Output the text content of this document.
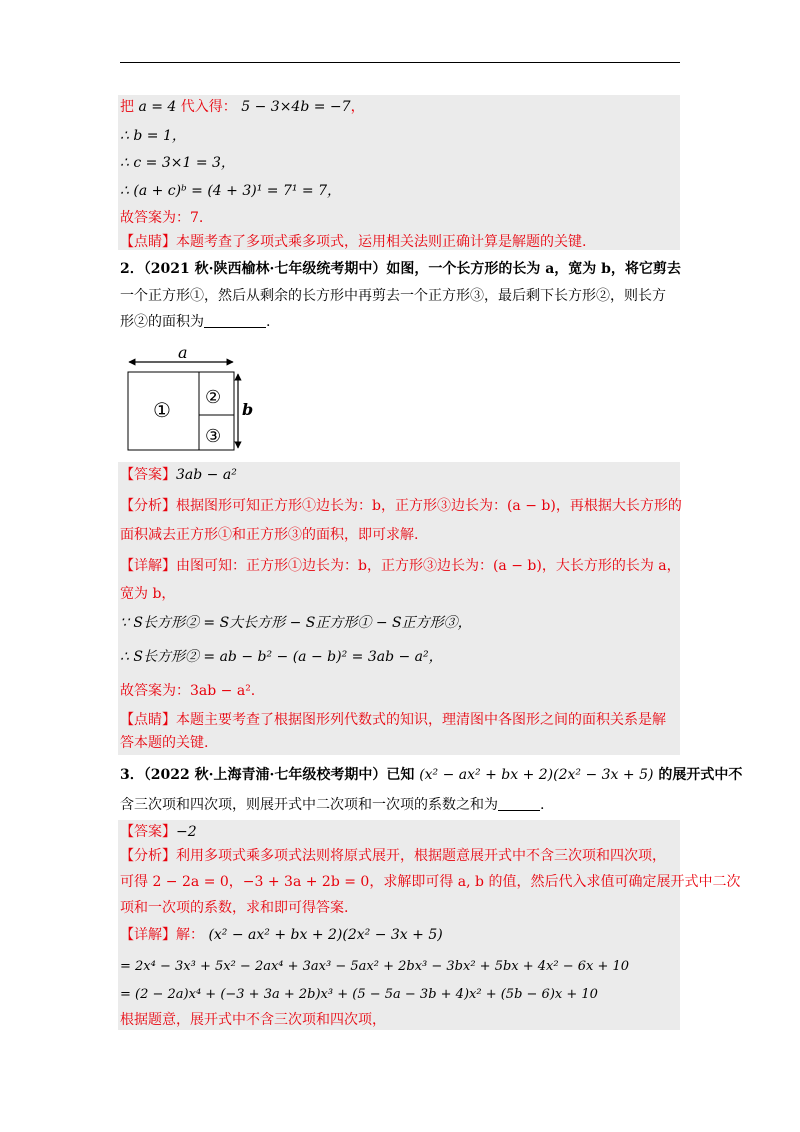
把 a = 4 代入得： 5 − 3×4b = −7，
∴ b = 1，
∴ c = 3×1 = 3，
∴ (a + c)ᵇ = (4 + 3)¹ = 7¹ = 7，
故答案为：7.
【点睛】本题考查了多项式乘多项式，运用相关法则正确计算是解题的关键.
2．（2021 秋·陕西榆林·七年级统考期中）如图，一个长方形的长为 a，宽为 b，将它剪去
一个正方形①，然后从剩余的长方形中再剪去一个正方形③，最后剩下长方形②，则长方
形②的面积为	.
a
①
②
③
b
【答案】3ab − a²
【分析】根据图形可知正方形①边长为：b，正方形③边长为：(a − b)，再根据大长方形的
面积减去正方形①和正方形③的面积，即可求解.
【详解】由图可知：正方形①边长为：b，正方形③边长为：(a − b)，大长方形的长为 a，
宽为 b，
∵ S长方形② = S大长方形 − S正方形① − S正方形③，
∴ S长方形② = ab − b² − (a − b)² = 3ab − a²，
故答案为：3ab − a².
【点睛】本题主要考查了根据图形列代数式的知识，理清图中各图形之间的面积关系是解
答本题的关键.
3．（2022 秋·上海青浦·七年级校考期中）已知 (x² − ax² + bx + 2)(2x² − 3x + 5) 的展开式中不
含三次项和四次项，则展开式中二次项和一次项的系数之和为	.
【答案】−2
【分析】利用多项式乘多项式法则将原式展开，根据题意展开式中不含三次项和四次项，
可得 2 − 2a = 0，−3 + 3a + 2b = 0，求解即可得 a, b 的值，然后代入求值可确定展开式中二次
项和一次项的系数，求和即可得答案.
【详解】解： (x² − ax² + bx + 2)(2x² − 3x + 5)
= 2x⁴ − 3x³ + 5x² − 2ax⁴ + 3ax³ − 5ax² + 2bx³ − 3bx² + 5bx + 4x² − 6x + 10
= (2 − 2a)x⁴ + (−3 + 3a + 2b)x³ + (5 − 5a − 3b + 4)x² + (5b − 6)x + 10
根据题意，展开式中不含三次项和四次项，
